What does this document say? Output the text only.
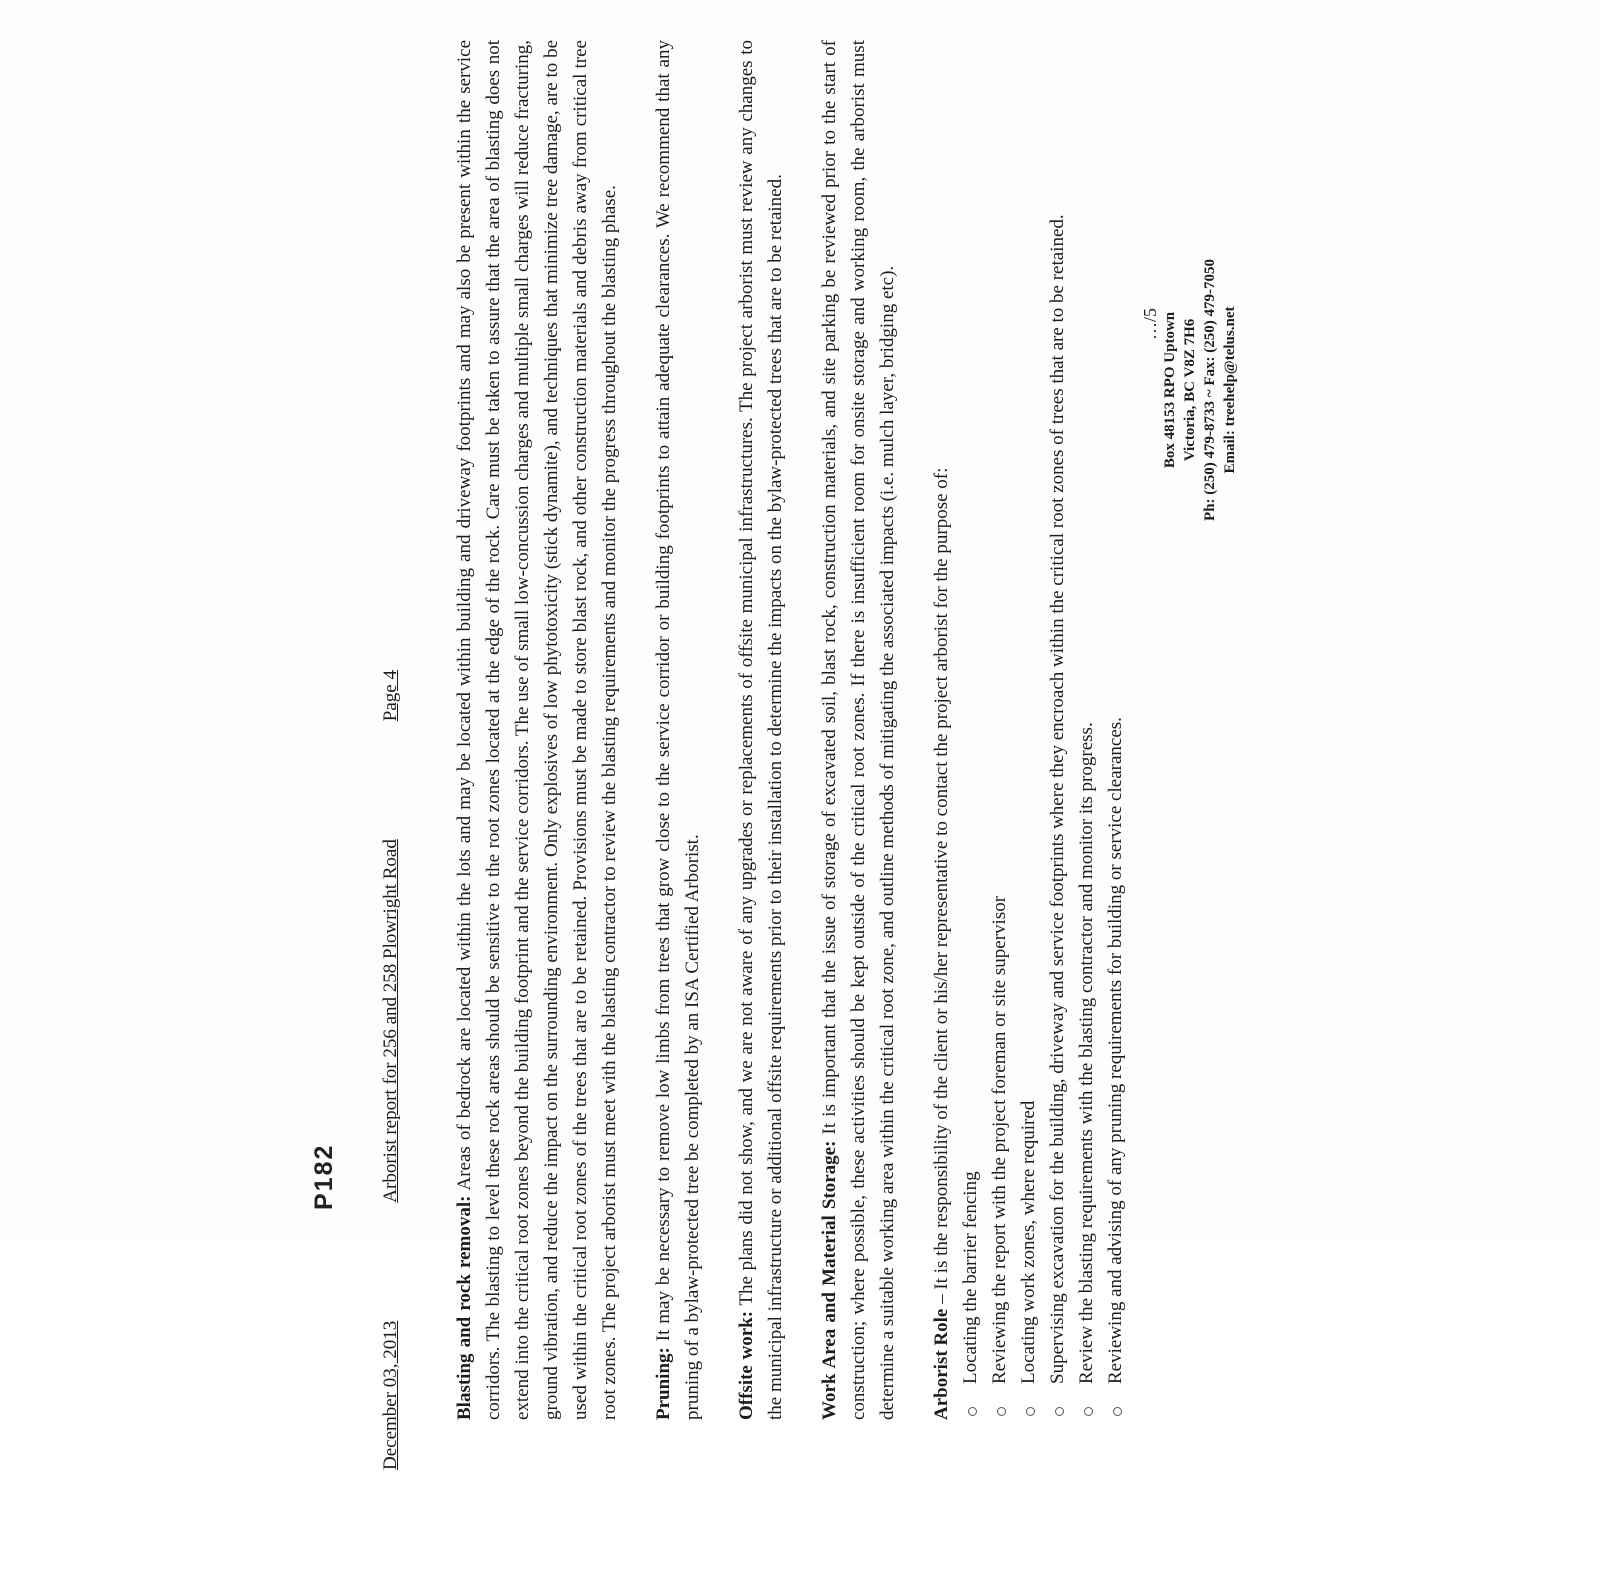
P182
December 03, 2013
Arborist report for 256 and 258 Plowright Road
Page 4

Blasting and rock removal: Areas of bedrock are located within the lots and may be located within building and driveway footprints and may also be present within the service corridors. The blasting to level these rock areas should be sensitive to the root zones located at the edge of the rock. Care must be taken to assure that the area of blasting does not extend into the critical root zones beyond the building footprint and the service corridors. The use of small low-concussion charges and multiple small charges will reduce fracturing, ground vibration, and reduce the impact on the surrounding environment. Only explosives of low phytotoxicity (stick dynamite), and techniques that minimize tree damage, are to be used within the critical root zones of the trees that are to be retained. Provisions must be made to store blast rock, and other construction materials and debris away from critical tree root zones. The project arborist must meet with the blasting contractor to review the blasting requirements and monitor the progress throughout the blasting phase. Pruning: It may be necessary to remove low limbs from trees that grow close to the service corridor or building footprints to attain adequate clearances. We recommend that any pruning of a bylaw-protected tree be completed by an ISA Certified Arborist. Offsite work: The plans did not show, and we are not aware of any upgrades or replacements of offsite municipal infrastructures. The project arborist must review any changes to the municipal infrastructure or additional offsite requirements prior to their installation to determine the impacts on the bylaw-protected trees that are to be retained. Work Area and Material Storage: It is important that the issue of storage of excavated soil, blast rock, construction materials, and site parking be reviewed prior to the start of construction; where possible, these activities should be kept outside of the critical root zones. If there is insufficient room for onsite storage and working room, the arborist must determine a suitable working area within the critical root zone, and outline methods of mitigating the associated impacts (i.e. mulch layer, bridging etc). Arborist Role – It is the responsibility of the client or his/her representative to contact the project arborist for the purpose of: Locating the barrier fencing Reviewing the report with the project foreman or site supervisor Locating work zones, where required Supervising excavation for the building, driveway and service footprints where they encroach within the critical root zones of trees that are to be retained. Review the blasting requirements with the blasting contractor and monitor its progress. Reviewing and advising of any pruning requirements for building or service clearances.
…/5 Box 48153 RPO Uptown Victoria, BC V8Z 7H6 Ph: (250) 479-8733 ~ Fax: (250) 479-7050 Email: treehelp@telus.net
